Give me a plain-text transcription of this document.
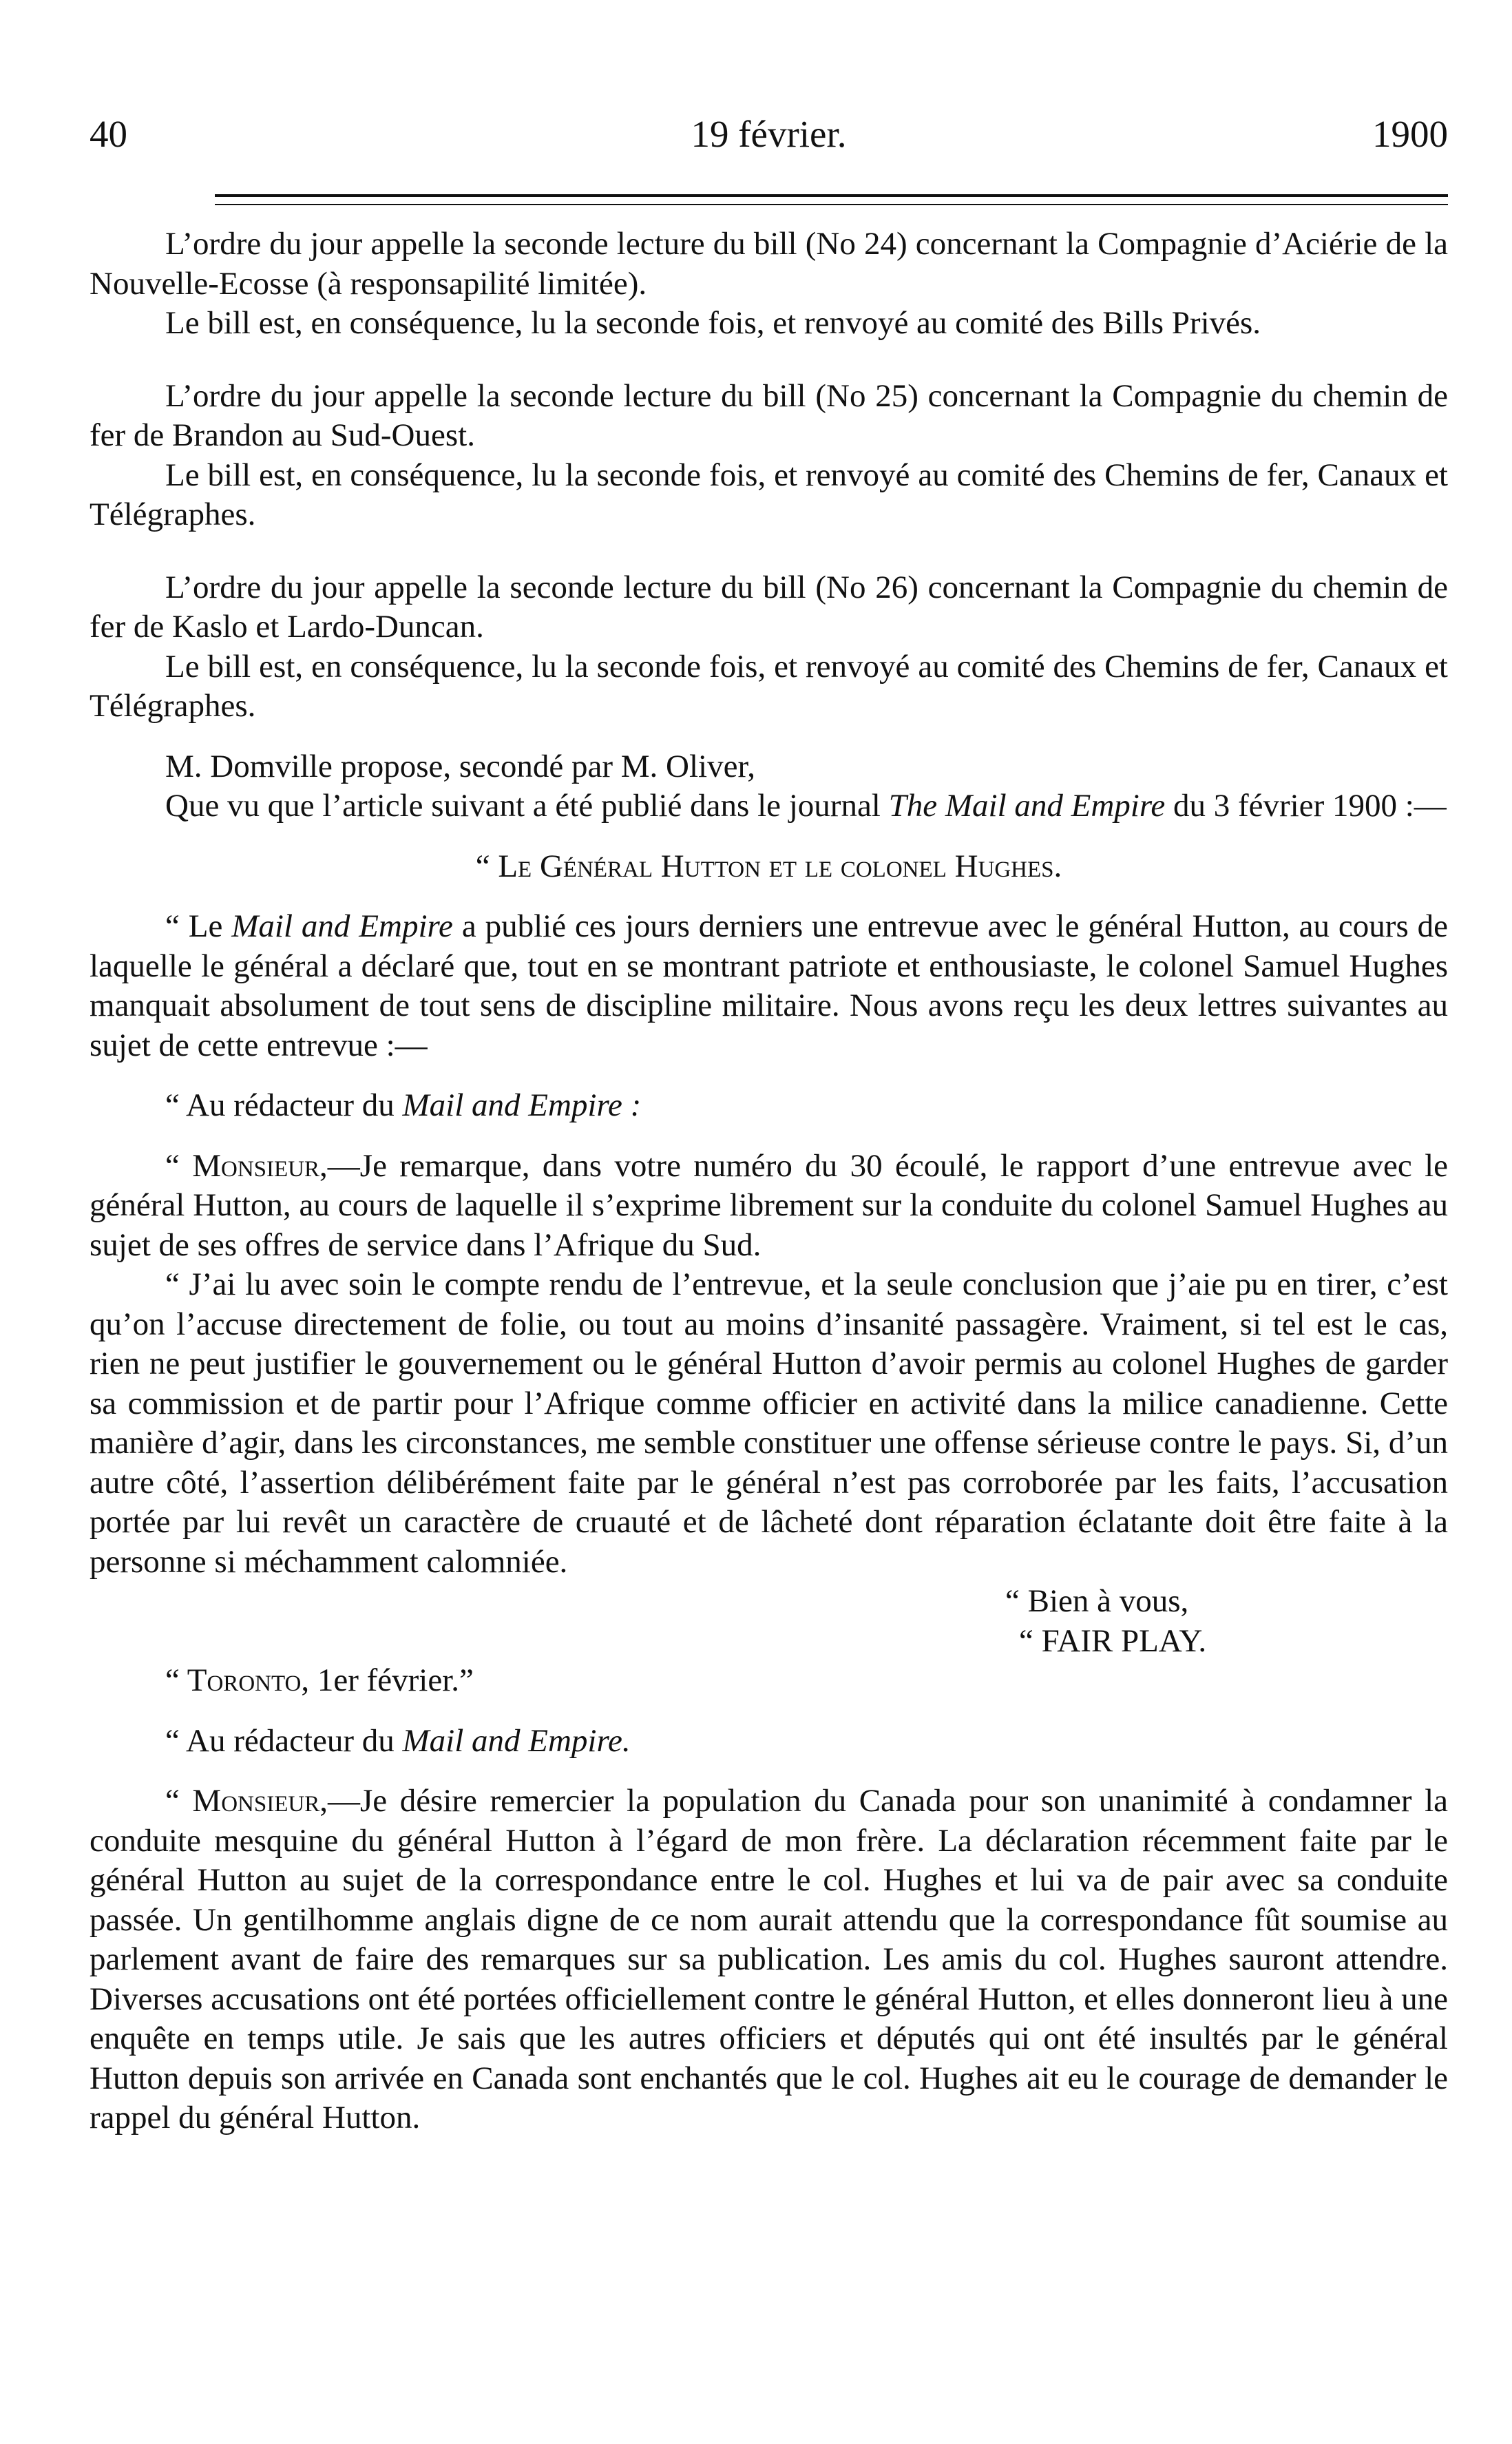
40	19 février.	1900

L’ordre du jour appelle la seconde lecture du bill (No 24) concernant la Compagnie d’Aciérie de la Nouvelle-Ecosse (à responsapilité limitée).

Le bill est, en conséquence, lu la seconde fois, et renvoyé au comité des Bills Privés.

L’ordre du jour appelle la seconde lecture du bill (No 25) concernant la Compagnie du chemin de fer de Brandon au Sud-Ouest.

Le bill est, en conséquence, lu la seconde fois, et renvoyé au comité des Chemins de fer, Canaux et Télégraphes.

L’ordre du jour appelle la seconde lecture du bill (No 26) concernant la Compagnie du chemin de fer de Kaslo et Lardo-Duncan.

Le bill est, en conséquence, lu la seconde fois, et renvoyé au comité des Chemins de fer, Canaux et Télégraphes.

M. Domville propose, secondé par M. Oliver,

Que vu que l’article suivant a été publié dans le journal The Mail and Empire du 3 février 1900 :—

“ Le Général Hutton et le colonel Hughes.

“ Le Mail and Empire a publié ces jours derniers une entrevue avec le général Hutton, au cours de laquelle le général a déclaré que, tout en se montrant patriote et enthousiaste, le colonel Samuel Hughes manquait absolument de tout sens de discipline militaire. Nous avons reçu les deux lettres suivantes au sujet de cette entrevue :—

“ Au rédacteur du Mail and Empire :

“ Monsieur,—Je remarque, dans votre numéro du 30 écoulé, le rapport d’une entrevue avec le général Hutton, au cours de laquelle il s’exprime librement sur la conduite du colonel Samuel Hughes au sujet de ses offres de service dans l’Afrique du Sud.

“ J’ai lu avec soin le compte rendu de l’entrevue, et la seule conclusion que j’aie pu en tirer, c’est qu’on l’accuse directement de folie, ou tout au moins d’insanité passagère. Vraiment, si tel est le cas, rien ne peut justifier le gouvernement ou le général Hutton d’avoir permis au colonel Hughes de garder sa commission et de partir pour l’Afrique comme officier en activité dans la milice canadienne. Cette manière d’agir, dans les circonstances, me semble constituer une offense sérieuse contre le pays. Si, d’un autre côté, l’assertion délibérément faite par le général n’est pas corroborée par les faits, l’accusation portée par lui revêt un caractère de cruauté et de lâcheté dont réparation éclatante doit être faite à la personne si méchamment calomniée.

“ Bien à vous,

“ FAIR PLAY.

“ Toronto, 1er février.”

“ Au rédacteur du Mail and Empire.

“ Monsieur,—Je désire remercier la population du Canada pour son unanimité à condamner la conduite mesquine du général Hutton à l’égard de mon frère. La déclaration récemment faite par le général Hutton au sujet de la correspondance entre le col. Hughes et lui va de pair avec sa conduite passée. Un gentilhomme anglais digne de ce nom aurait attendu que la correspondance fût soumise au parlement avant de faire des remarques sur sa publication. Les amis du col. Hughes sauront attendre. Diverses accusations ont été portées officiellement contre le général Hutton, et elles donneront lieu à une enquête en temps utile. Je sais que les autres officiers et députés qui ont été insultés par le général Hutton depuis son arrivée en Canada sont enchantés que le col. Hughes ait eu le courage de demander le rappel du général Hutton.
